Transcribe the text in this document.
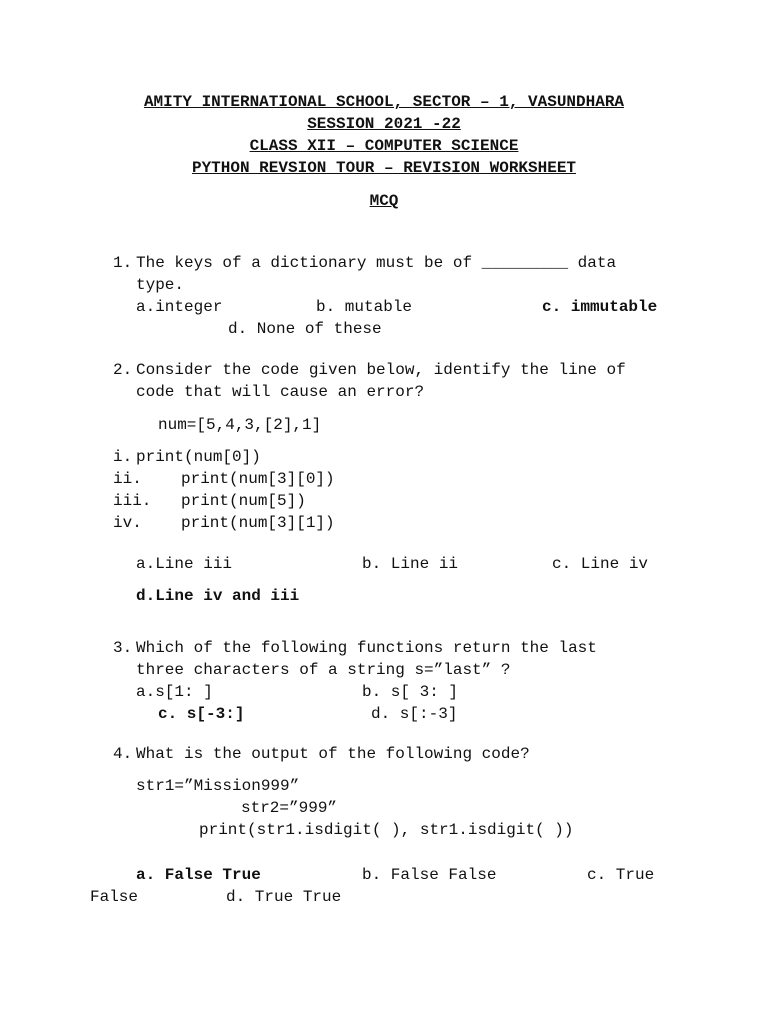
AMITY INTERNATIONAL SCHOOL, SECTOR – 1, VASUNDHARA
SESSION 2021 -22
CLASS XII – COMPUTER SCIENCE
PYTHON REVSION TOUR – REVISION WORKSHEET
MCQ
1. The keys of a dictionary must be of _________ data
type.
a.integer	b. mutable	c. immutable
d. None of these
2. Consider the code given below, identify the line of
code that will cause an error?
num=[5,4,3,[2],1]
i. print(num[0])
ii. print(num[3][0])
iii. print(num[5])
iv. print(num[3][1])
a.Line iii	b. Line ii	c. Line iv
d.Line iv and iii
3. Which of the following functions return the last
three characters of a string s=”last” ?
a.s[1: ]	b. s[ 3: ]
c. s[-3:]	d. s[:-3]
4. What is the output of the following code?
str1=”Mission999”
str2=”999”
print(str1.isdigit( ), str1.isdigit( ))
a. False True	b. False False	c. True
False	d. True True
